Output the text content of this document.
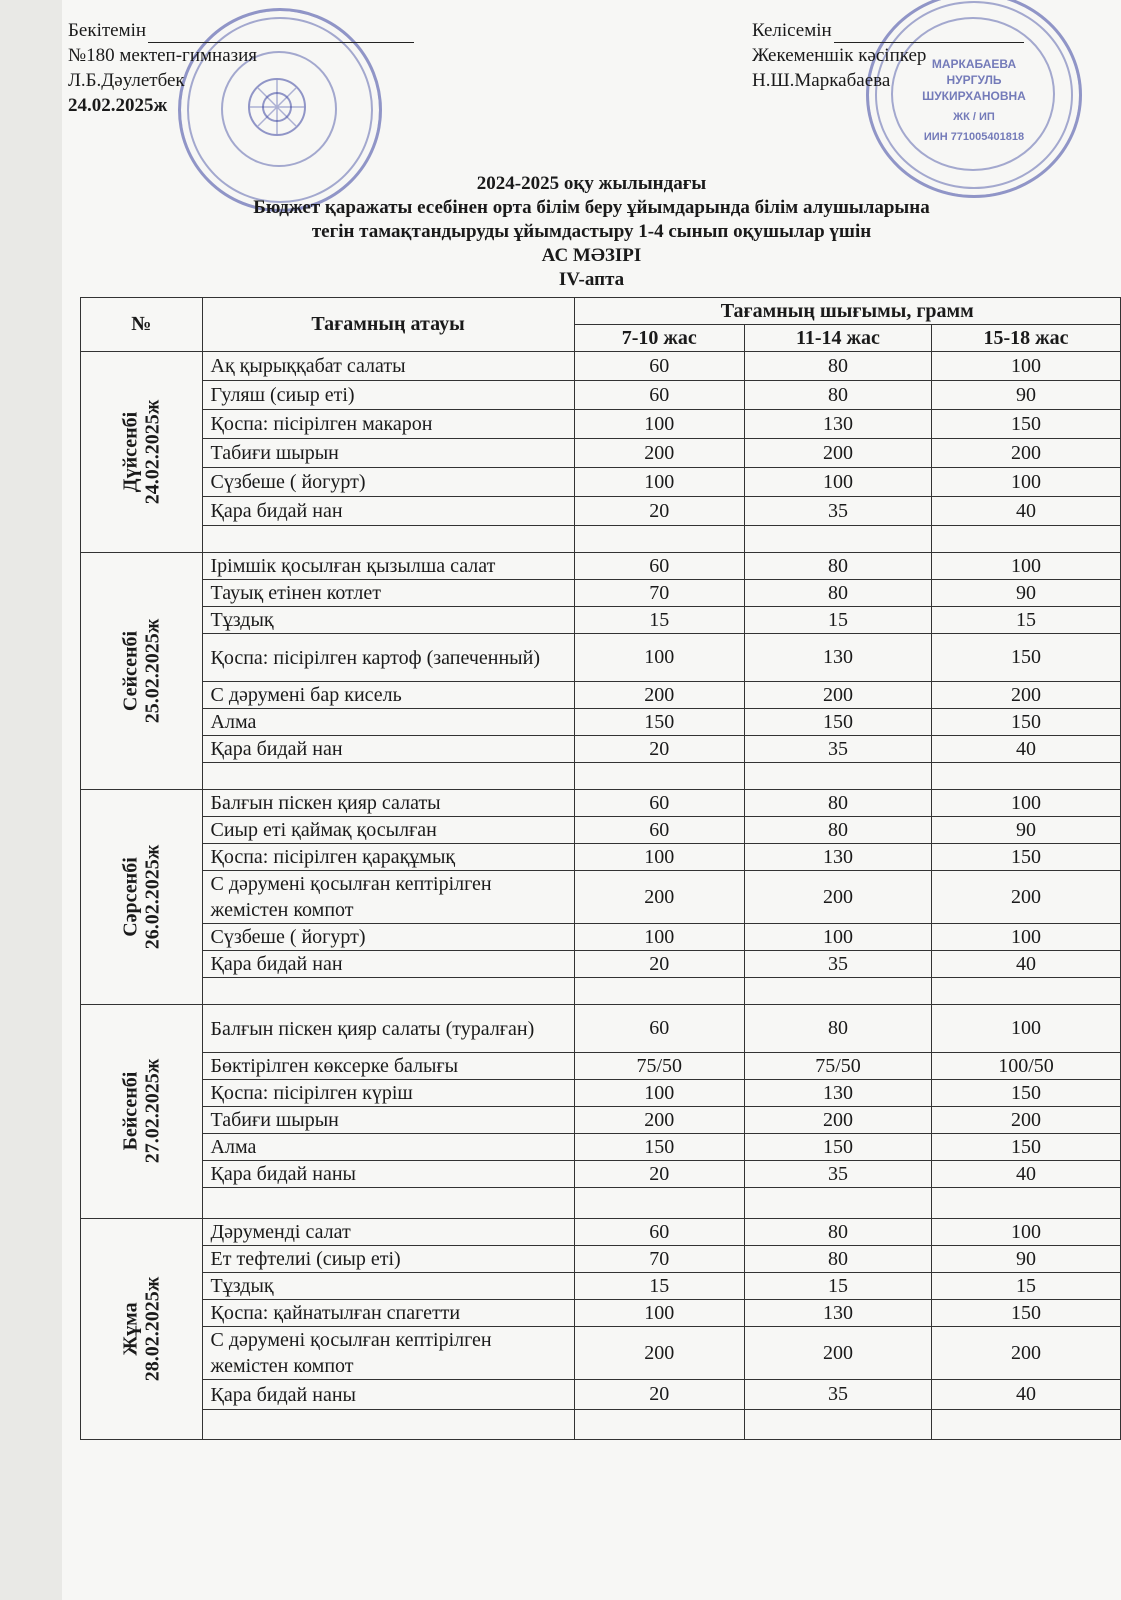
МАРКАБАЕВА
НУРГУЛЬ
ШУКИРХАНОВНА
ЖК / ИП
ИИН 771005401818
Бекітемін
№180 мектеп-гимназия
Л.Б.Дәулетбек
24.02.2025ж
Келісемін
Жекеменшік кәсіпкер
Н.Ш.Маркабаева
2024-2025 оқу жылындағы
Бюджет қаражаты есебінен орта білім беру ұйымдарында білім алушыларына
тегін тамақтандыруды ұйымдастыру 1-4 сынып оқушылар үшін
АС МӘЗІРІ
IV-апта
№	Тағамның атауы	Тағамның шығымы, грамм		
		7-10 жас	11-14 жас	15-18 жас

Дүйсенбі 24.02.2025ж	Ақ қырыққабат салаты	60	80	100
	Гуляш (сиыр еті)	60	80	90
	Қоспа: пісірілген макарон	100	130	150
	Табиғи шырын	200	200	200
	Сүзбеше ( йогурт)	100	100	100
	Қара бидай нан	20	35	40

Сейсенбі 25.02.2025ж	Ірімшік қосылған қызылша салат	60	80	100
	Тауық етінен котлет	70	80	90
	Тұздық	15	15	15
	Қоспа: пісірілген картоф (запеченный)	100	130	150
	С дәрумені бар кисель	200	200	200
	Алма	150	150	150
	Қара бидай нан	20	35	40

Сәрсенбі 26.02.2025ж	Балғын піскен қияр салаты	60	80	100
	Сиыр еті қаймақ қосылған	60	80	90
	Қоспа: пісірілген қарақұмық	100	130	150
	С дәрумені қосылған кептірілген жемістен компот	200	200	200
	Сүзбеше ( йогурт)	100	100	100
	Қара бидай нан	20	35	40

Бейсенбі 27.02.2025ж	Балғын піскен қияр салаты (туралған)	60	80	100
	Бөктірілген көксерке балығы	75/50	75/50	100/50
	Қоспа: пісірілген күріш	100	130	150
	Табиғи шырын	200	200	200
	Алма	150	150	150
	Қара бидай наны	20	35	40

Жұма 28.02.2025ж	Дәруменді салат	60	80	100
	Ет тефтелиі (сиыр еті)	70	80	90
	Тұздық	15	15	15
	Қоспа: қайнатылған спагетти	100	130	150
	С дәрумені қосылған кептірілген жемістен компот	200	200	200
	Қара бидай наны	20	35	40
